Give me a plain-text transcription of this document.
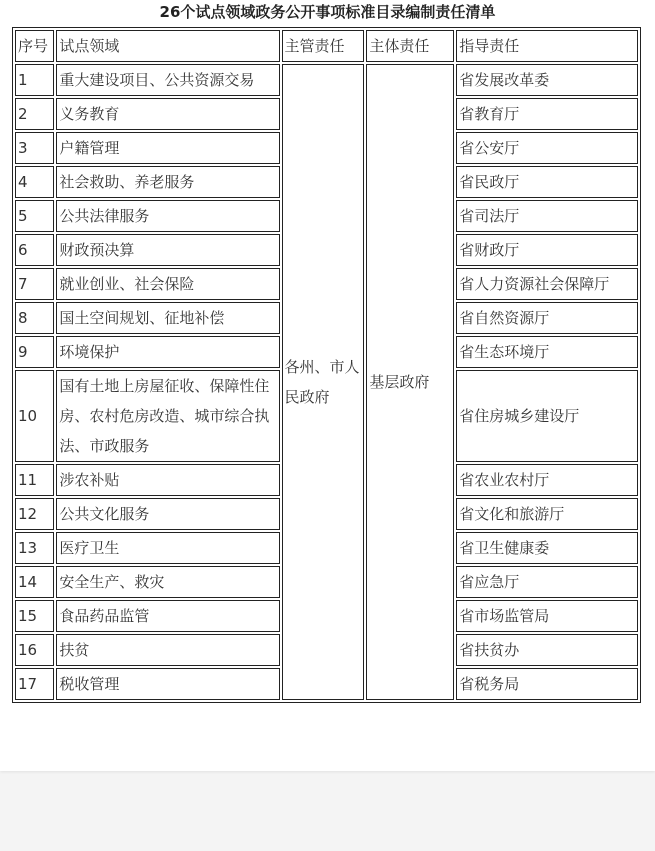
26个试点领域政务公开事项标准目录编制责任清单
序号	试点领域	主管责任	主体责任	指导责任
1	重大建设项目、公共资源交易	各州、市人民政府	基层政府	省发展改革委
2	义务教育			省教育厅
3	户籍管理			省公安厅
4	社会救助、养老服务			省民政厅
5	公共法律服务			省司法厅
6	财政预决算			省财政厅
7	就业创业、社会保险			省人力资源社会保障厅
8	国土空间规划、征地补偿			省自然资源厅
9	环境保护			省生态环境厅
10	国有土地上房屋征收、保障性住房、农村危房改造、城市综合执法、市政服务			省住房城乡建设厅
11	涉农补贴			省农业农村厅
12	公共文化服务			省文化和旅游厅
13	医疗卫生			省卫生健康委
14	安全生产、救灾			省应急厅
15	食品药品监管			省市场监管局
16	扶贫			省扶贫办
17	税收管理			省税务局
